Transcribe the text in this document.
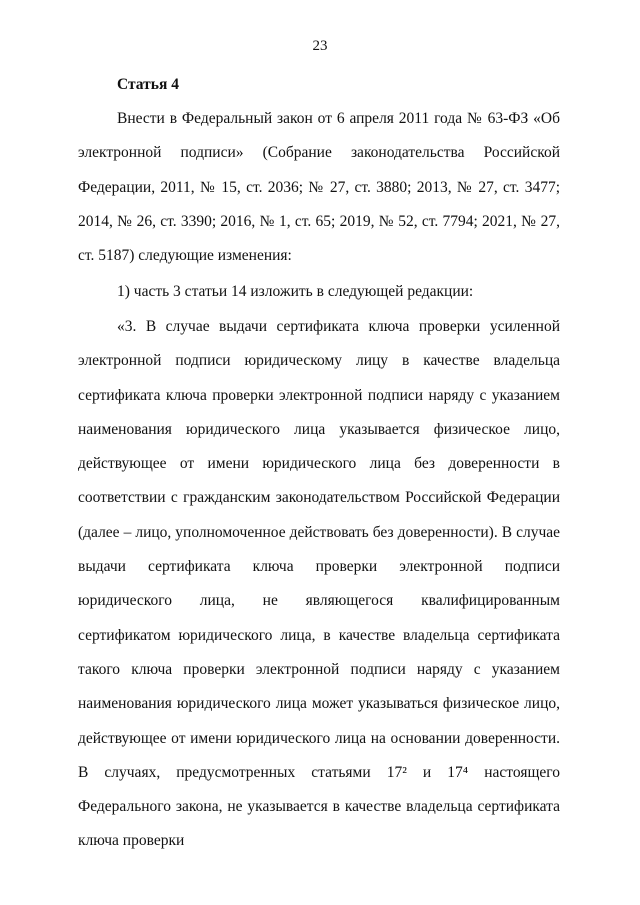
23
Статья 4

Внести в Федеральный закон от 6 апреля 2011 года № 63-ФЗ «Об электронной подписи» (Собрание законодательства Российской Федерации, 2011, № 15, ст. 2036; № 27, ст. 3880; 2013, № 27, ст. 3477; 2014, № 26, ст. 3390; 2016, № 1, ст. 65; 2019, № 52, ст. 7794; 2021, № 27, ст. 5187) следующие изменения:

1) часть 3 статьи 14 изложить в следующей редакции:

«3. В случае выдачи сертификата ключа проверки усиленной электронной подписи юридическому лицу в качестве владельца сертификата ключа проверки электронной подписи наряду с указанием наименования юридического лица указывается физическое лицо, действующее от имени юридического лица без доверенности в соответствии с гражданским законодательством Российской Федерации (далее – лицо, уполномоченное действовать без доверенности). В случае выдачи сертификата ключа проверки электронной подписи юридического лица, не являющегося квалифицированным сертификатом юридического лица, в качестве владельца сертификата такого ключа проверки электронной подписи наряду с указанием наименования юридического лица может указываться физическое лицо, действующее от имени юридического лица на основании доверенности. В случаях, предусмотренных статьями 17² и 17⁴ настоящего Федерального закона, не указывается в качестве владельца сертификата ключа проверки
